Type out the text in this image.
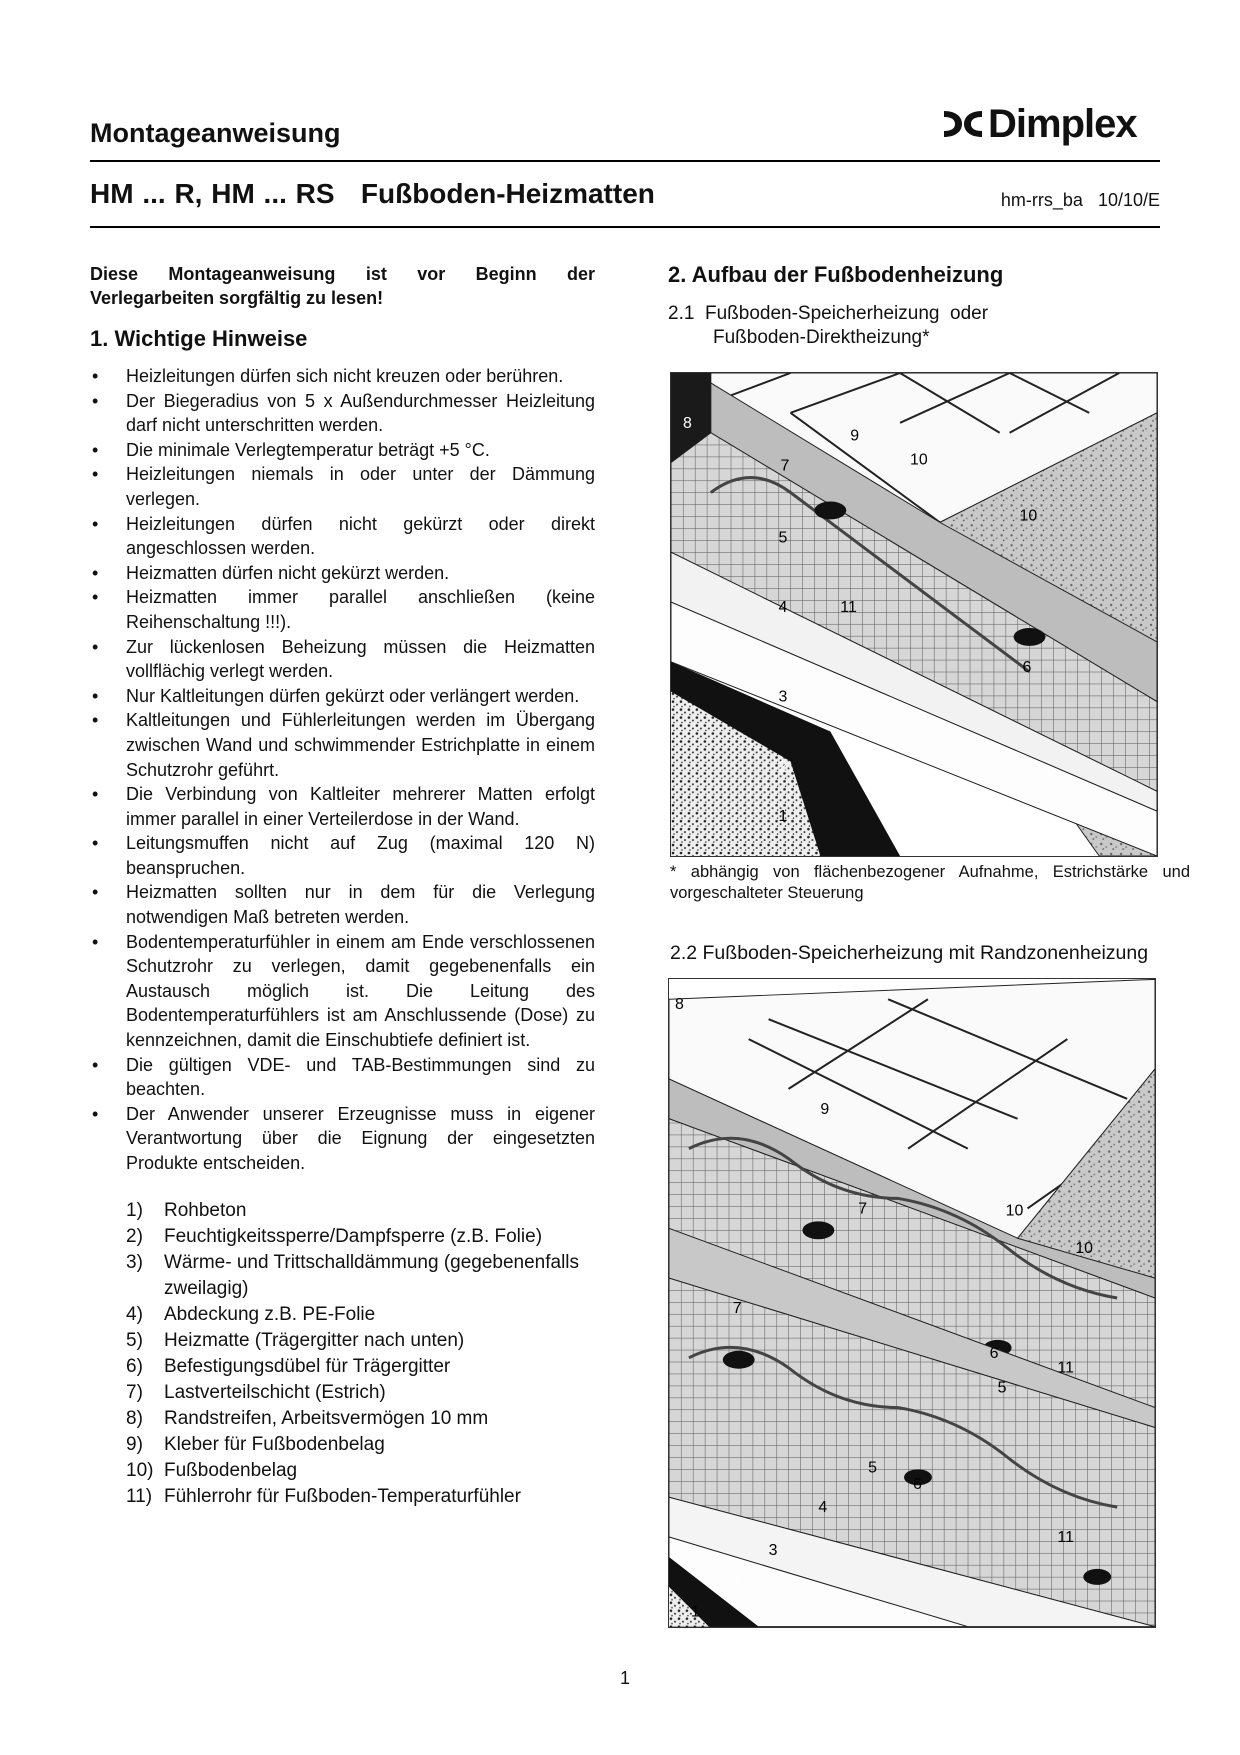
Montageanweisung	Dimplex
HM ... R, HM ... RS   Fußboden-Heizmatten	hm-rrs_ba   10/10/E

Diese Montageanweisung ist vor Beginn der Verlegarbeiten sorgfältig zu lesen!

1. Wichtige Hinweise
• Heizleitungen dürfen sich nicht kreuzen oder berühren.
• Der Biegeradius von 5 x Außendurchmesser Heizleitung darf nicht unterschritten werden.
• Die minimale Verlegtemperatur beträgt +5 °C.
• Heizleitungen niemals in oder unter der Dämmung verlegen.
• Heizleitungen dürfen nicht gekürzt oder direkt angeschlossen werden.
• Heizmatten dürfen nicht gekürzt werden.
• Heizmatten immer parallel anschließen (keine Reihenschaltung !!!).
• Zur lückenlosen Beheizung müssen die Heizmatten vollflächig verlegt werden.
• Nur Kaltleitungen dürfen gekürzt oder verlängert werden.
• Kaltleitungen und Fühlerleitungen werden im Übergang zwischen Wand und schwimmender Estrichplatte in einem Schutzrohr geführt.
• Die Verbindung von Kaltleiter mehrerer Matten erfolgt immer parallel in einer Verteilerdose in der Wand.
• Leitungsmuffen nicht auf Zug (maximal 120 N) beanspruchen.
• Heizmatten sollten nur in dem für die Verlegung notwendigen Maß betreten werden.
• Bodentemperaturfühler in einem am Ende verschlossenen Schutzrohr zu verlegen, damit gegebenenfalls ein Austausch möglich ist. Die Leitung des Bodentemperaturfühlers ist am Anschlussende (Dose) zu kennzeichnen, damit die Einschubtiefe definiert ist.
• Die gültigen VDE- und TAB-Bestimmungen sind zu beachten.
• Der Anwender unserer Erzeugnisse muss in eigener Verantwortung über die Eignung der eingesetzten Produkte entscheiden.
1)	Rohbeton
2)	Feuchtigkeitssperre/Dampfsperre (z.B. Folie)
3)	Wärme- und Trittschalldämmung (gegebenenfalls zweilagig)
4)	Abdeckung z.B. PE-Folie
5)	Heizmatte (Trägergitter nach unten)
6)	Befestigungsdübel für Trägergitter
7)	Lastverteilschicht (Estrich)
8)	Randstreifen, Arbeitsvermögen 10 mm
9)	Kleber für Fußbodenbelag
10) Fußbodenbelag
11) Fühlerrohr für Fußboden-Temperaturfühler
2. Aufbau der Fußbodenheizung
2.1  Fußboden-Speicherheizung  oder
Fußboden-Direktheizung*
8
9
7	10
10
5
4	11
6
3
2
1

* abhängig von flächenbezogener Aufnahme, Estrichstärke und vorgeschalteter Steuerung

2.2 Fußboden-Speicherheizung mit Randzonenheizung

8
9
7	10
10
7
6
11
5
5
6
4
11
3
2
1
1
